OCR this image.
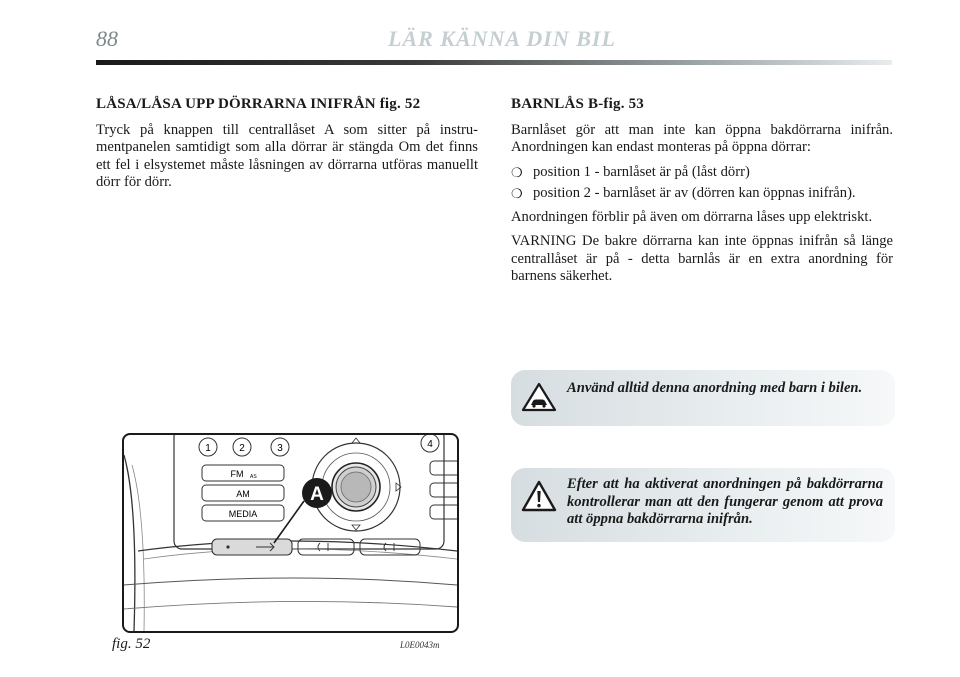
88	LÄR KÄNNA DIN BIL
LÅSA/LÅSA UPP DÖRRARNA INIFRÅN fig. 52

Tryck på knappen till centrallåset A som sitter på instrumentpanelen samtidigt som alla dörrar är stängda Om det finns ett fel i elsystemet måste låsningen av dörrarna utföras manuellt dörr för dörr.

BARNLÅS B-fig. 53

Barnlåset gör att man inte kan öppna bakdörrarna inifrån. Anordningen kan endast monteras på öppna dörrar:

❍ position 1 - barnlåset är på (låst dörr)
❍ position 2 - barnlåset är av (dörren kan öppnas inifrån).

Anordningen förblir på även om dörrarna låses upp elektriskt.

VARNING De bakre dörrarna kan inte öppnas inifrån så länge centrallåset är på - detta barnlås är en extra anordning för barnens säkerhet.

Använd alltid denna anordning med barn i bilen.
Efter att ha aktiverat anordningen på bakdörrarna kontrollerar man att den fungerar genom att prova att öppna bakdörrarna inifrån.
1	2	3	4
FM AS
AM
MEDIA
A
fig. 52	L0E0043m
